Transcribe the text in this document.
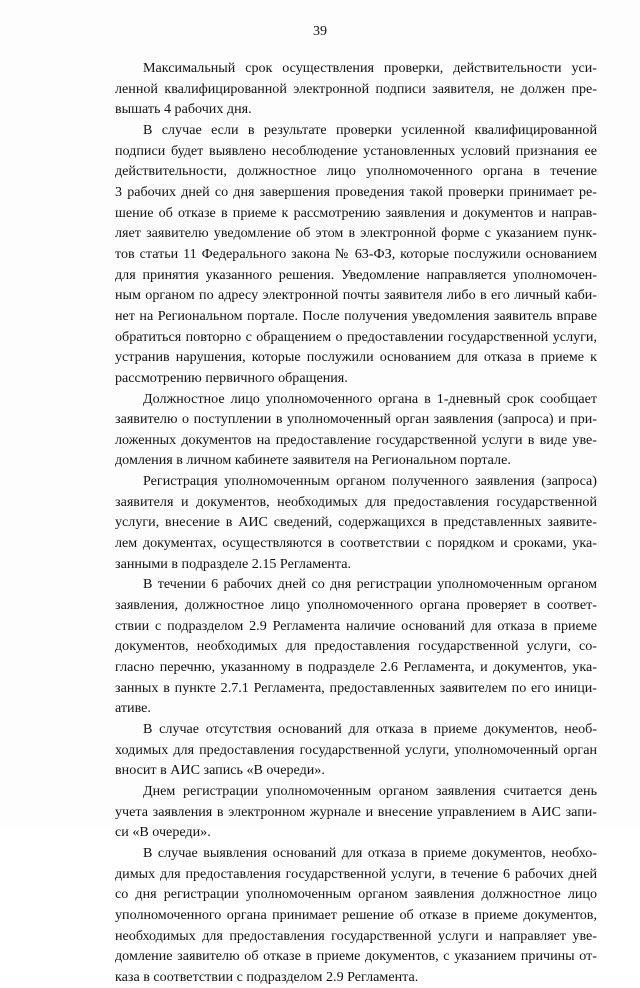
39
Максимальный срок осуществления проверки, действительности уси-
ленной квалифицированной электронной подписи заявителя, не должен пре-
вышать 4 рабочих дня.
В случае если в результате проверки усиленной квалифицированной
подписи будет выявлено несоблюдение установленных условий признания ее
действительности, должностное лицо уполномоченного органа в течение
3 рабочих дней со дня завершения проведения такой проверки принимает ре-
шение об отказе в приеме к рассмотрению заявления и документов и направ-
ляет заявителю уведомление об этом в электронной форме с указанием пунк-
тов статьи 11 Федерального закона № 63-ФЗ, которые послужили основанием
для принятия указанного решения. Уведомление направляется уполномочен-
ным органом по адресу электронной почты заявителя либо в его личный каби-
нет на Региональном портале. После получения уведомления заявитель вправе
обратиться повторно с обращением о предоставлении государственной услуги,
устранив нарушения, которые послужили основанием для отказа в приеме к
рассмотрению первичного обращения.
Должностное лицо уполномоченного органа в 1-дневный срок сообщает
заявителю о поступлении в уполномоченный орган заявления (запроса) и при-
ложенных документов на предоставление государственной услуги в виде уве-
домления в личном кабинете заявителя на Региональном портале.
Регистрация уполномоченным органом полученного заявления (запроса)
заявителя и документов, необходимых для предоставления государственной
услуги, внесение в АИС сведений, содержащихся в представленных заявите-
лем документах, осуществляются в соответствии с порядком и сроками, ука-
занными в подразделе 2.15 Регламента.
В течении 6 рабочих дней со дня регистрации уполномоченным органом
заявления, должностное лицо уполномоченного органа проверяет в соответ-
ствии с подразделом 2.9 Регламента наличие оснований для отказа в приеме
документов, необходимых для предоставления государственной услуги, со-
гласно перечню, указанному в подразделе 2.6 Регламента, и документов, ука-
занных в пункте 2.7.1 Регламента, предоставленных заявителем по его иници-
ативе.
В случае отсутствия оснований для отказа в приеме документов, необ-
ходимых для предоставления государственной услуги, уполномоченный орган
вносит в АИС запись «В очереди».
Днем регистрации уполномоченным органом заявления считается день
учета заявления в электронном журнале и внесение управлением в АИС запи-
си «В очереди».
В случае выявления оснований для отказа в приеме документов, необхо-
димых для предоставления государственной услуги, в течение 6 рабочих дней
со дня регистрации уполномоченным органом заявления должностное лицо
уполномоченного органа принимает решение об отказе в приеме документов,
необходимых для предоставления государственной услуги и направляет уве-
домление заявителю об отказе в приеме документов, с указанием причины от-
каза в соответствии с подразделом 2.9 Регламента.
